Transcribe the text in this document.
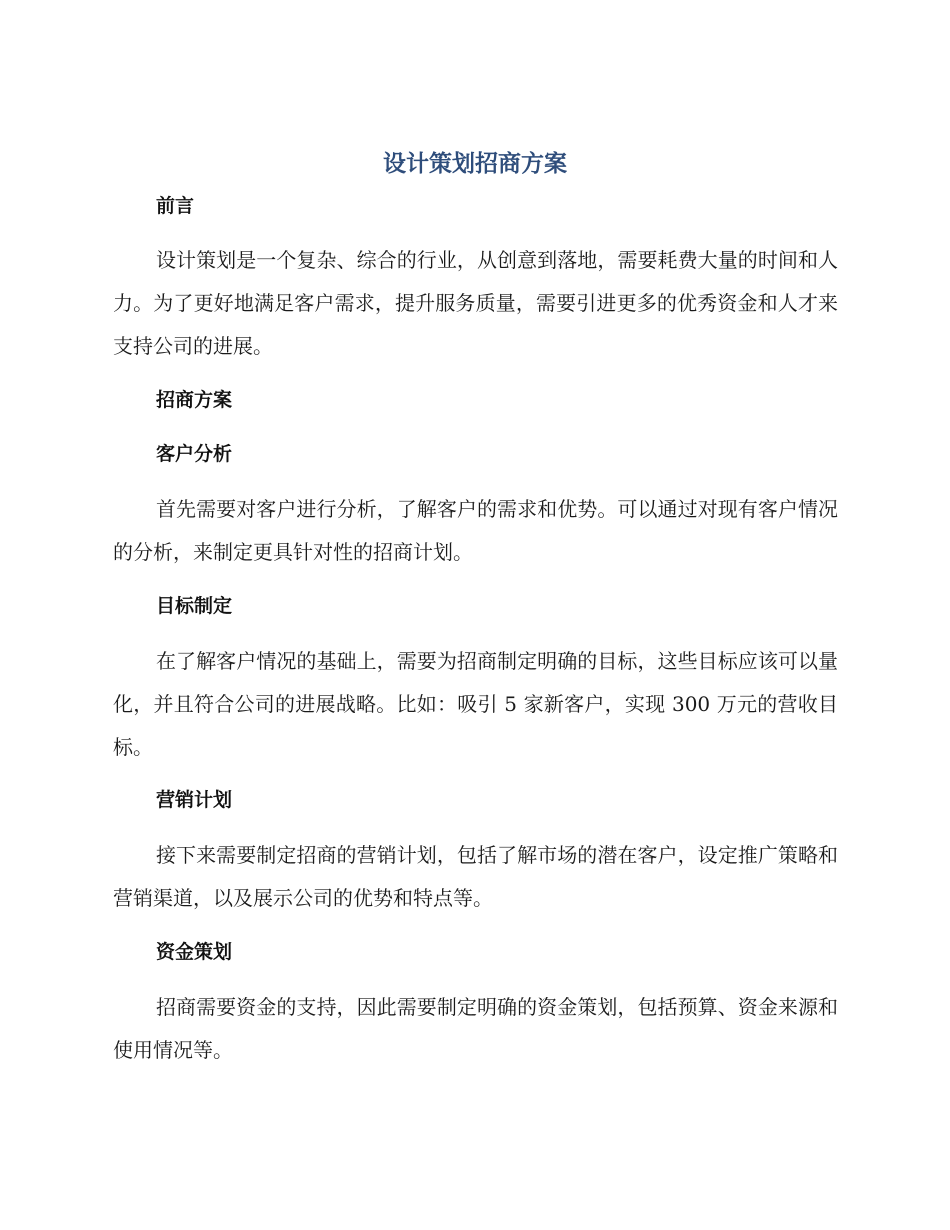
设计策划招商方案
前言

设计策划是一个复杂、综合的行业，从创意到落地，需要耗费大量的时间和人力。为了更好地满足客户需求，提升服务质量，需要引进更多的优秀资金和人才来支持公司的进展。

招商方案
客户分析

首先需要对客户进行分析，了解客户的需求和优势。可以通过对现有客户情况的分析，来制定更具针对性的招商计划。

目标制定

在了解客户情况的基础上，需要为招商制定明确的目标，这些目标应该可以量化，并且符合公司的进展战略。比如：吸引 5 家新客户，实现 300 万元的营收目标。

营销计划

接下来需要制定招商的营销计划，包括了解市场的潜在客户，设定推广策略和营销渠道，以及展示公司的优势和特点等。

资金策划

招商需要资金的支持，因此需要制定明确的资金策划，包括预算、资金来源和使用情况等。
